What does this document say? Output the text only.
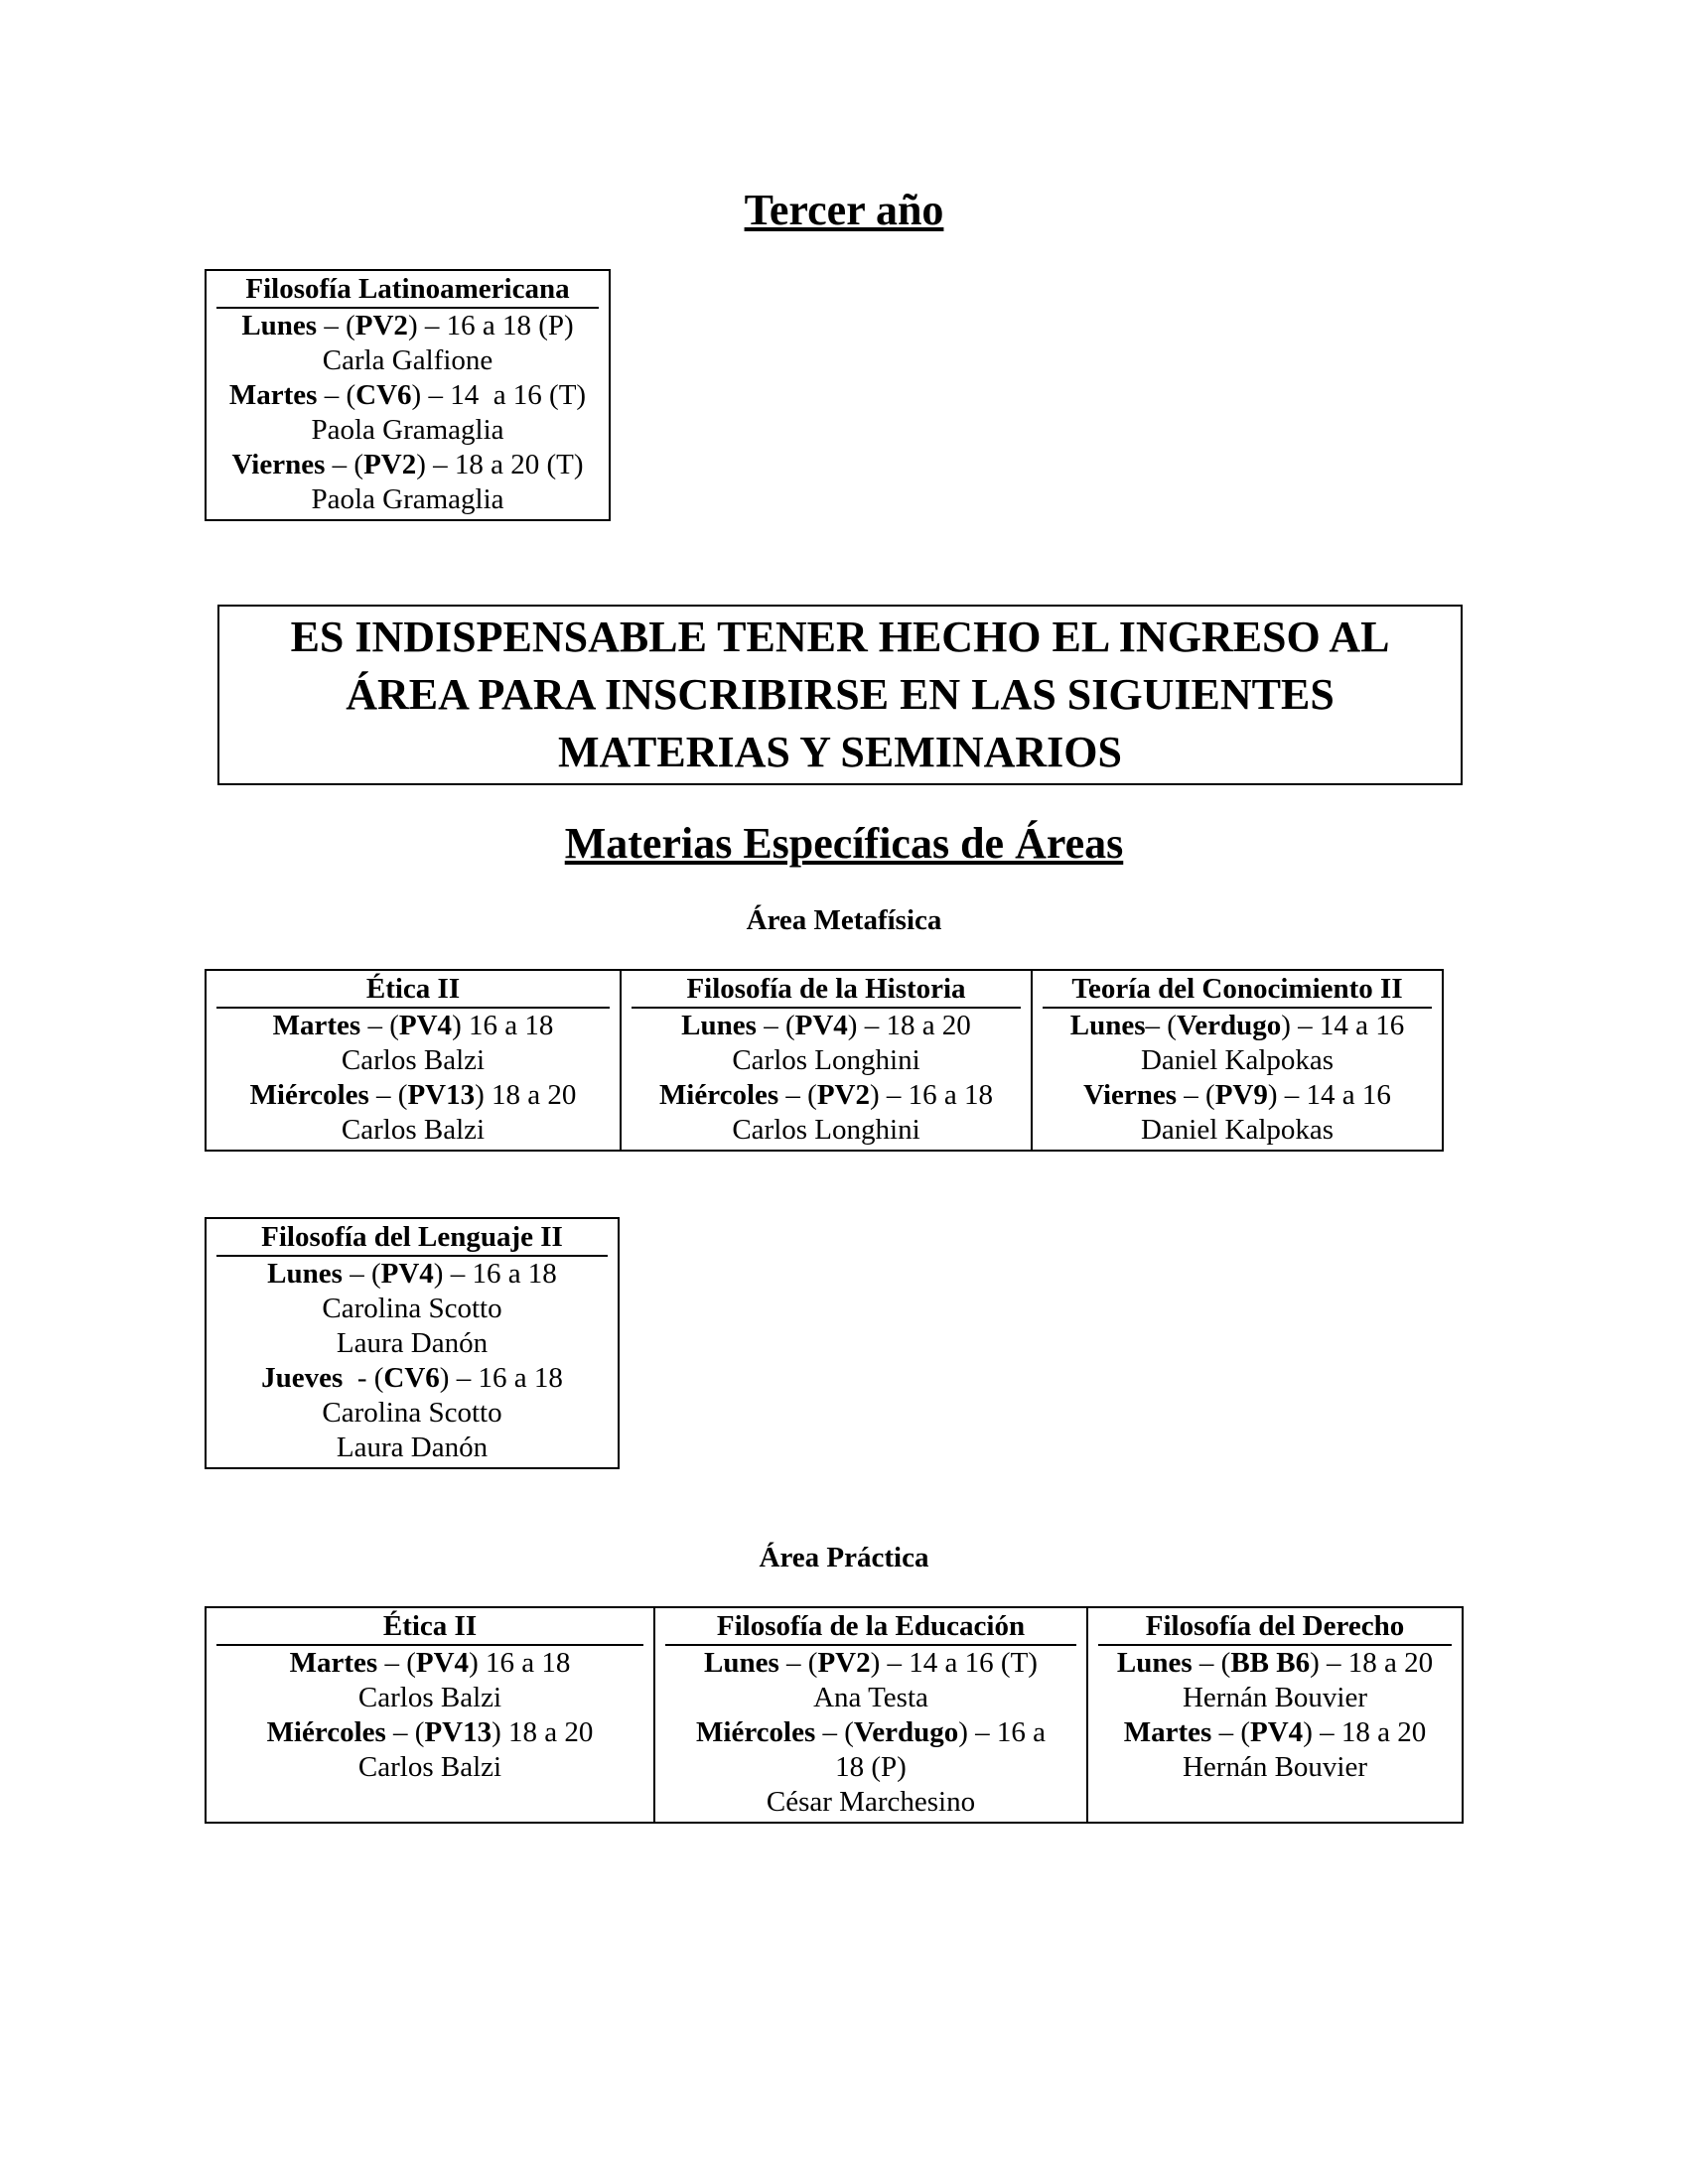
Tercer año
Filosofía Latinoamericana
Lunes – (PV2) – 16 a 18 (P)
Carla Galfione
Martes – (CV6) – 14  a 16 (T)
Paola Gramaglia
Viernes – (PV2) – 18 a 20 (T)
Paola Gramaglia
ES INDISPENSABLE TENER HECHO EL INGRESO AL ÁREA PARA INSCRIBIRSE EN LAS SIGUIENTES MATERIAS Y SEMINARIOS
Materias Específicas de Áreas
Área Metafísica
Ética II
Martes – (PV4) 16 a 18
Carlos Balzi
Miércoles – (PV13) 18 a 20
Carlos Balzi

Filosofía de la Historia
Lunes – (PV4) – 18 a 20
Carlos Longhini
Miércoles – (PV2) – 16 a 18
Carlos Longhini

Teoría del Conocimiento II
Lunes– (Verdugo) – 14 a 16
Daniel Kalpokas
Viernes – (PV9) – 14 a 16
Daniel Kalpokas
Filosofía del Lenguaje II
Lunes – (PV4) – 16 a 18
Carolina Scotto
Laura Danón
Jueves  - (CV6) – 16 a 18
Carolina Scotto
Laura Danón
Área Práctica
Ética II
Martes – (PV4) 16 a 18
Carlos Balzi
Miércoles – (PV13) 18 a 20
Carlos Balzi

Filosofía de la Educación
Lunes – (PV2) – 14 a 16 (T)
Ana Testa
Miércoles – (Verdugo) – 16 a
18 (P)
César Marchesino

Filosofía del Derecho
Lunes – (BB B6) – 18 a 20
Hernán Bouvier
Martes – (PV4) – 18 a 20
Hernán Bouvier
